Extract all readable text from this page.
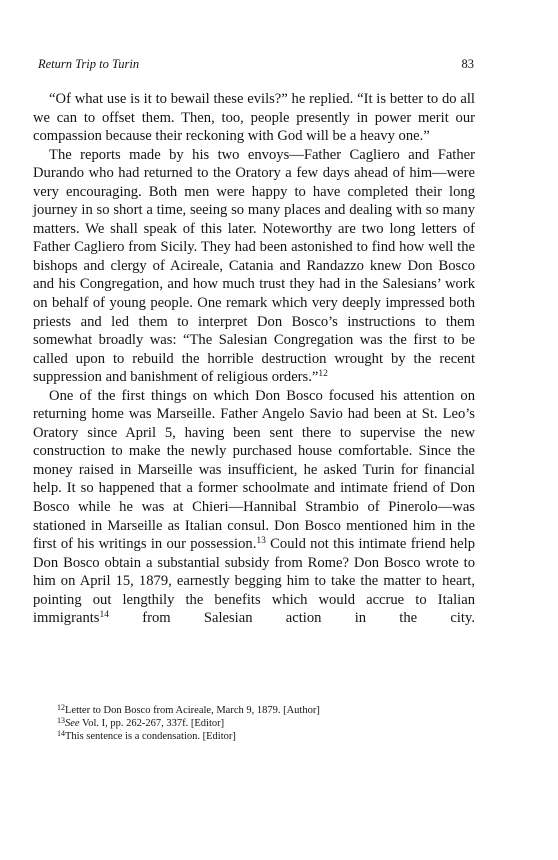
Return Trip to Turin	83

“Of what use is it to bewail these evils?” he replied. “It is better to do all we can to offset them. Then, too, people presently in power merit our compassion because their reckoning with God will be a heavy one.”

The reports made by his two envoys—Father Cagliero and Father Durando who had returned to the Oratory a few days ahead of him—were very encouraging. Both men were happy to have completed their long journey in so short a time, seeing so many places and dealing with so many matters. We shall speak of this later. Noteworthy are two long letters of Father Cagliero from Sicily. They had been astonished to find how well the bishops and clergy of Acireale, Catania and Randazzo knew Don Bosco and his Congregation, and how much trust they had in the Salesians’ work on behalf of young people. One remark which very deeply impressed both priests and led them to interpret Don Bosco’s instructions to them somewhat broadly was: “The Salesian Congregation was the first to be called upon to rebuild the horrible destruction wrought by the recent suppression and banishment of religious orders.”$^{12}$

One of the first things on which Don Bosco focused his attention on returning home was Marseille. Father Angelo Savio had been at St. Leo’s Oratory since April 5, having been sent there to supervise the new construction to make the newly purchased house comfortable. Since the money raised in Marseille was insufficient, he asked Turin for financial help. It so happened that a former schoolmate and intimate friend of Don Bosco while he was at Chieri—Hannibal Strambio of Pinerolo—was stationed in Marseille as Italian consul. Don Bosco mentioned him in the first of his writings in our possession.$^{13}$ Could not this intimate friend help Don Bosco obtain a substantial subsidy from Rome? Don Bosco wrote to him on April 15, 1879, earnestly begging him to take the matter to heart, pointing out lengthily the benefits which would accrue to Italian immigrants$^{14}$ from Salesian action in the city.

$^{12}$Letter to Don Bosco from Acireale, March 9, 1879. [Author]

$^{13}$See Vol. I, pp. 262-267, 337f. [Editor]

$^{14}$This sentence is a condensation. [Editor]
